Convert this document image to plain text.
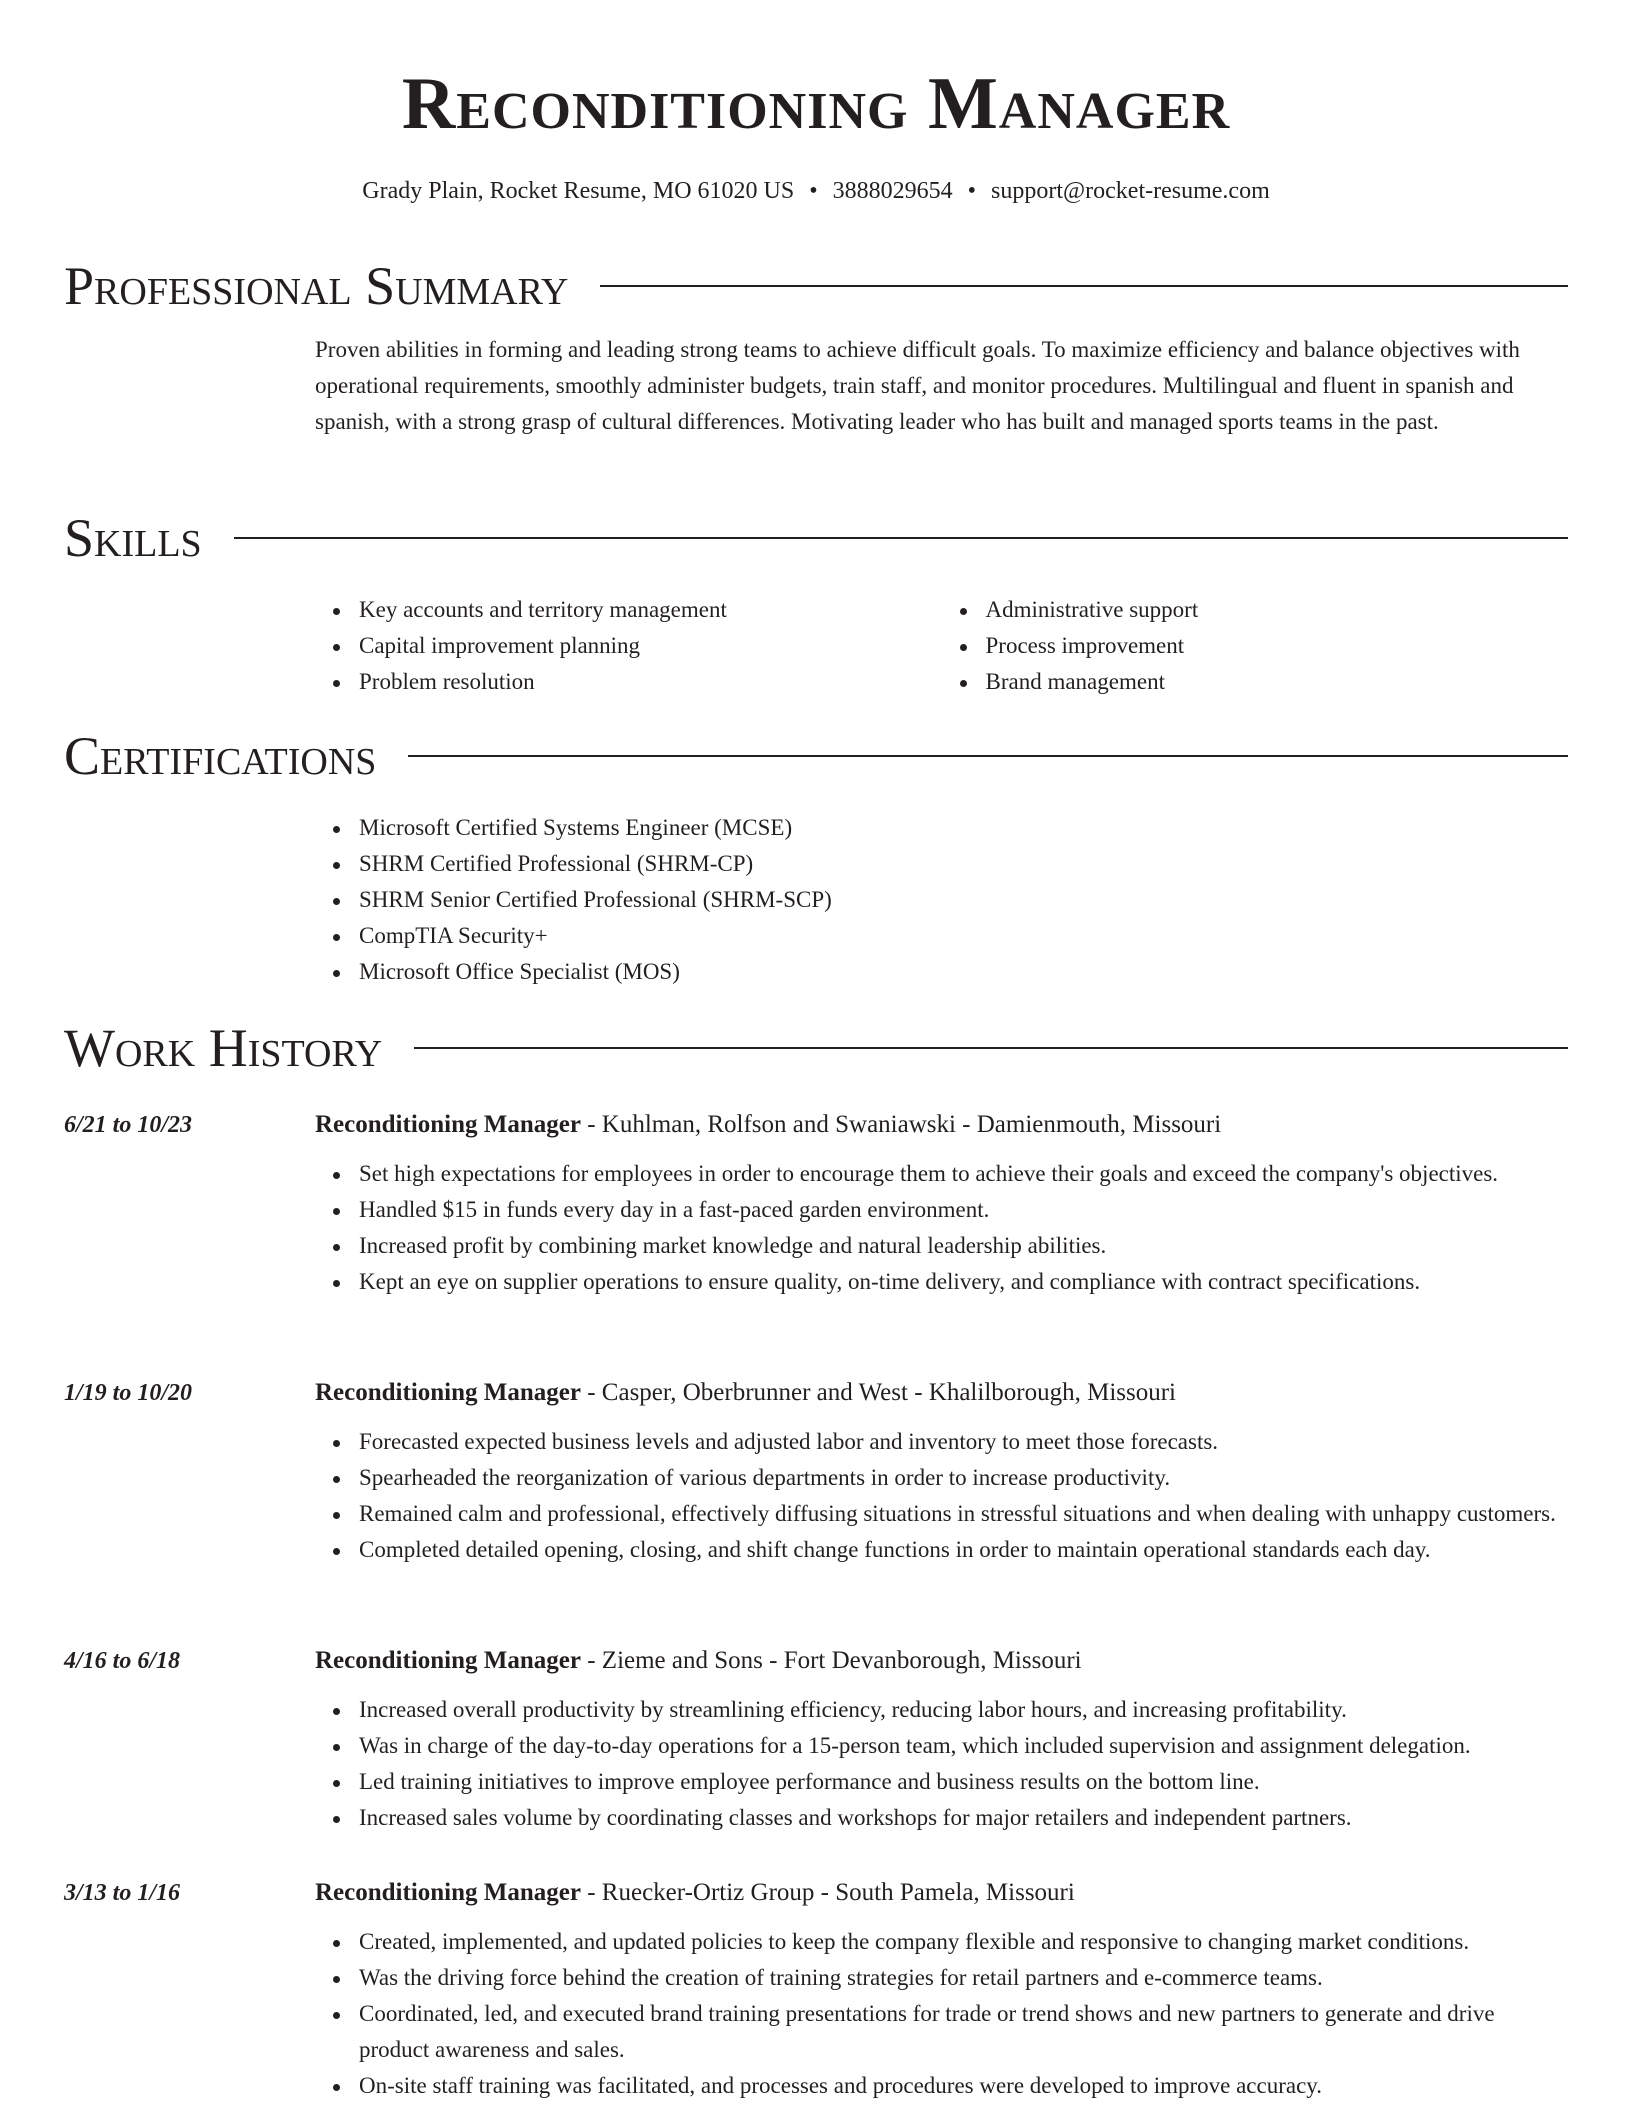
Reconditioning Manager
Grady Plain, Rocket Resume, MO 61020 US • 3888029654 • support@rocket-resume.com
Professional Summary

Proven abilities in forming and leading strong teams to achieve difficult goals. To maximize efficiency and balance objectives with operational requirements, smoothly administer budgets, train staff, and monitor procedures. Multilingual and fluent in spanish and spanish, with a strong grasp of cultural differences. Motivating leader who has built and managed sports teams in the past.

Skills
Key accounts and territory management
Capital improvement planning
Problem resolution
Administrative support
Process improvement
Brand management
Certifications
Microsoft Certified Systems Engineer (MCSE)
SHRM Certified Professional (SHRM-CP)
SHRM Senior Certified Professional (SHRM-SCP)
CompTIA Security+
Microsoft Office Specialist (MOS)
Work History
6/21 to 10/23	Reconditioning Manager - Kuhlman, Rolfson and Swaniawski - Damienmouth, Missouri
Set high expectations for employees in order to encourage them to achieve their goals and exceed the company's objectives.
Handled $15 in funds every day in a fast-paced garden environment.
Increased profit by combining market knowledge and natural leadership abilities.
Kept an eye on supplier operations to ensure quality, on-time delivery, and compliance with contract specifications.
1/19 to 10/20	Reconditioning Manager - Casper, Oberbrunner and West - Khalilborough, Missouri
Forecasted expected business levels and adjusted labor and inventory to meet those forecasts.
Spearheaded the reorganization of various departments in order to increase productivity.
Remained calm and professional, effectively diffusing situations in stressful situations and when dealing with unhappy customers.
Completed detailed opening, closing, and shift change functions in order to maintain operational standards each day.
4/16 to 6/18	Reconditioning Manager - Zieme and Sons - Fort Devanborough, Missouri
Increased overall productivity by streamlining efficiency, reducing labor hours, and increasing profitability.
Was in charge of the day-to-day operations for a 15-person team, which included supervision and assignment delegation.
Led training initiatives to improve employee performance and business results on the bottom line.
Increased sales volume by coordinating classes and workshops for major retailers and independent partners.
3/13 to 1/16	Reconditioning Manager - Ruecker-Ortiz Group - South Pamela, Missouri
Created, implemented, and updated policies to keep the company flexible and responsive to changing market conditions.
Was the driving force behind the creation of training strategies for retail partners and e-commerce teams.
Coordinated, led, and executed brand training presentations for trade or trend shows and new partners to generate and drive product awareness and sales.
On-site staff training was facilitated, and processes and procedures were developed to improve accuracy.
